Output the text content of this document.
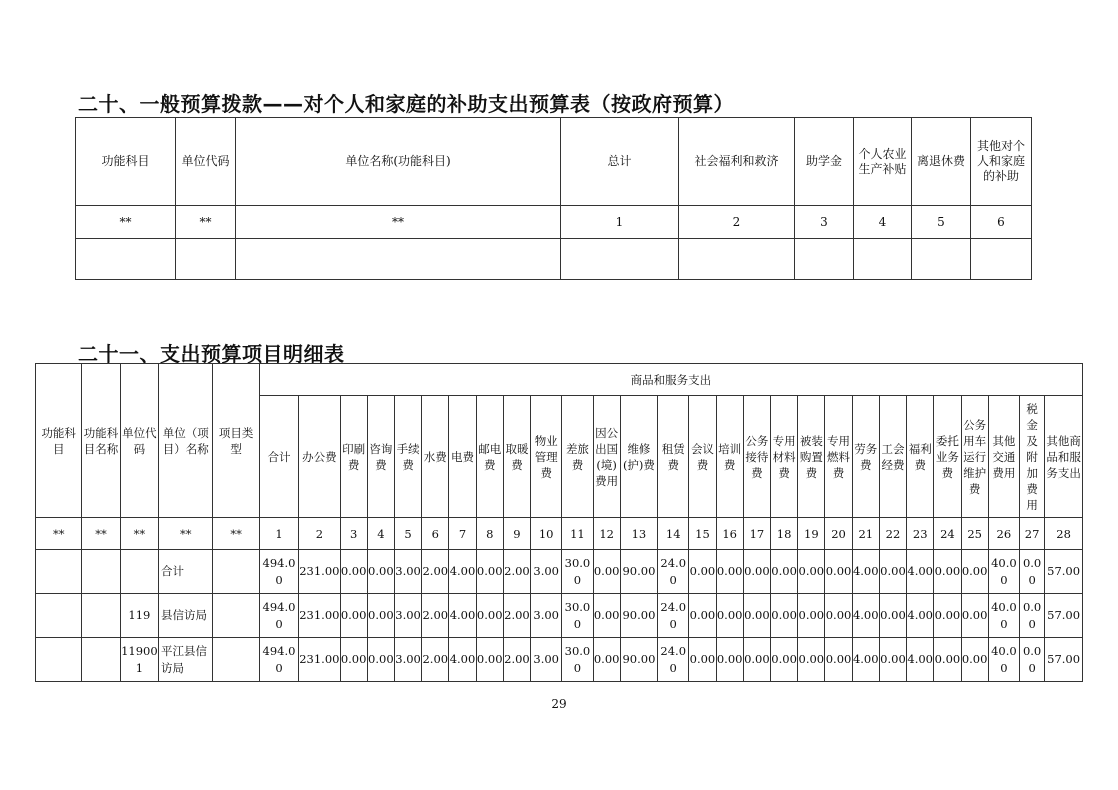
二十、一般预算拨款——对个人和家庭的补助支出预算表（按政府预算）
功能科目	单位代码	单位名称(功能科目)	总计	社会福利和救济	助学金	个人农业生产补贴	离退休费	其他对个人和家庭的补助
**	**	**	1	2	3	4	5	6

二十一、支出预算项目明细表
功能科目	功能科目名称	单位代码	单位（项目）名称	项目类型	商品和服务支出																											
					合计	办公费	印刷费	咨询费	手续费	水费	电费	邮电费	取暖费	物业管理费	差旅费	因公出国(境)费用	维修(护)费	租赁费	会议费	培训费	公务接待费	专用材料费	被装购置费	专用燃料费	劳务费	工会经费	福利费	委托业务费	公务用车运行维护费	其他交通费用	税金及附加费用	其他商品和服务支出
**	**	**	**	**	1	2	3	4	5	6	7	8	9	10	11	12	13	14	15	16	17	18	19	20	21	22	23	24	25	26	27	28
			合计		494.00	231.00	0.00	0.00	3.00	2.00	4.00	0.00	2.00	3.00	30.00	0.00	90.00	24.00	0.00	0.00	0.00	0.00	0.00	0.00	4.00	0.00	4.00	0.00	0.00	40.00	0.00	57.00
		119	县信访局		494.00	231.00	0.00	0.00	3.00	2.00	4.00	0.00	2.00	3.00	30.00	0.00	90.00	24.00	0.00	0.00	0.00	0.00	0.00	0.00	4.00	0.00	4.00	0.00	0.00	40.00	0.00	57.00
		119001	平江县信访局		494.00	231.00	0.00	0.00	3.00	2.00	4.00	0.00	2.00	3.00	30.00	0.00	90.00	24.00	0.00	0.00	0.00	0.00	0.00	0.00	4.00	0.00	4.00	0.00	0.00	40.00	0.00	57.00
29
